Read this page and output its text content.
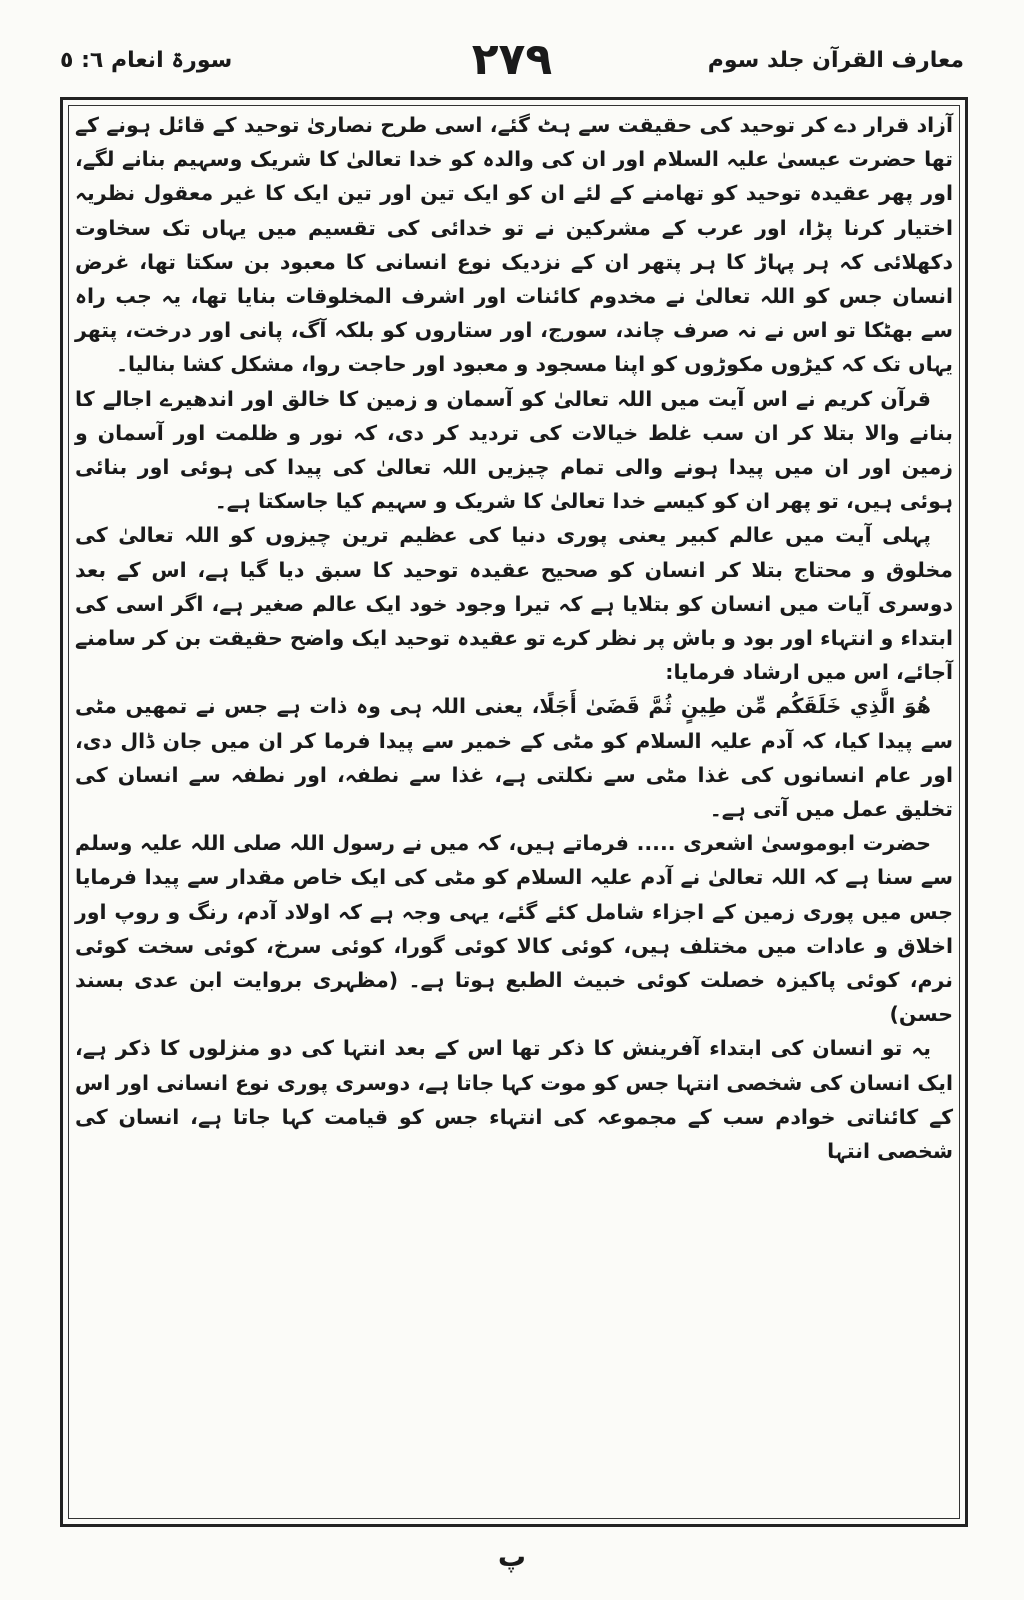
سورۃ انعام ٦: ٥	٢٧٩	معارف القرآن جلد سوم

آزاد قرار دے کر توحید کی حقیقت سے ہٹ گئے، اسی طرح نصاریٰ توحید کے قائل ہونے کے تھا حضرت عیسیٰ علیہ السلام اور ان کی والدہ کو خدا تعالیٰ کا شریک وسہیم بنانے لگے، اور پھر عقیدہ توحید کو تھامنے کے لئے ان کو ایک تین اور تین ایک کا غیر معقول نظریہ اختیار کرنا پڑا، اور عرب کے مشرکین نے تو خدائی کی تقسیم میں یہاں تک سخاوت دکھلائی کہ ہر پہاڑ کا ہر پتھر ان کے نزدیک نوع انسانی کا معبود بن سکتا تھا، غرض انسان جس کو اللہ تعالیٰ نے مخدوم کائنات اور اشرف المخلوقات بنایا تھا، یہ جب راہ سے بھٹکا تو اس نے نہ صرف چاند، سورج، اور ستاروں کو بلکہ آگ، پانی اور درخت، پتھر یہاں تک کہ کیڑوں مکوڑوں کو اپنا مسجود و معبود اور حاجت روا، مشکل کشا بنالیا۔

قرآن کریم نے اس آیت میں اللہ تعالیٰ کو آسمان و زمین کا خالق اور اندھیرے اجالے کا بنانے والا بتلا کر ان سب غلط خیالات کی تردید کر دی، کہ نور و ظلمت اور آسمان و زمین اور ان میں پیدا ہونے والی تمام چیزیں اللہ تعالیٰ کی پیدا کی ہوئی اور بنائی ہوئی ہیں، تو پھر ان کو کیسے خدا تعالیٰ کا شریک و سہیم کیا جاسکتا ہے۔

پہلی آیت میں عالم کبیر یعنی پوری دنیا کی عظیم ترین چیزوں کو اللہ تعالیٰ کی مخلوق و محتاج بتلا کر انسان کو صحیح عقیدہ توحید کا سبق دیا گیا ہے، اس کے بعد دوسری آیات میں انسان کو بتلایا ہے کہ تیرا وجود خود ایک عالم صغیر ہے، اگر اسی کی ابتداء و انتہاء اور بود و باش پر نظر کرے تو عقیدہ توحید ایک واضح حقیقت بن کر سامنے آجائے، اس میں ارشاد فرمایا:

هُوَ الَّذِي خَلَقَكُم مِّن طِينٍ ثُمَّ قَضَىٰ أَجَلًا، یعنی اللہ ہی وہ ذات ہے جس نے تمھیں مٹی سے پیدا کیا، کہ آدم علیہ السلام کو مٹی کے خمیر سے پیدا فرما کر ان میں جان ڈال دی، اور عام انسانوں کی غذا مٹی سے نکلتی ہے، غذا سے نطفہ، اور نطفہ سے انسان کی تخلیق عمل میں آتی ہے۔

حضرت ابوموسیٰ اشعری ..... فرماتے ہیں، کہ میں نے رسول اللہ صلی اللہ علیہ وسلم سے سنا ہے کہ اللہ تعالیٰ نے آدم علیہ السلام کو مٹی کی ایک خاص مقدار سے پیدا فرمایا جس میں پوری زمین کے اجزاء شامل کئے گئے، یہی وجہ ہے کہ اولاد آدم، رنگ و روپ اور اخلاق و عادات میں مختلف ہیں، کوئی کالا کوئی گورا، کوئی سرخ، کوئی سخت کوئی نرم، کوئی پاکیزہ خصلت کوئی خبیث الطبع ہوتا ہے۔ (مظہری بروایت ابن عدی بسند حسن)

یہ تو انسان کی ابتداء آفرینش کا ذکر تھا اس کے بعد انتہا کی دو منزلوں کا ذکر ہے، ایک انسان کی شخصی انتہا جس کو موت کہا جاتا ہے، دوسری پوری نوع انسانی اور اس کے کائناتی خوادم سب کے مجموعہ کی انتہاء جس کو قیامت کہا جاتا ہے، انسان کی شخصی انتہا

پ
